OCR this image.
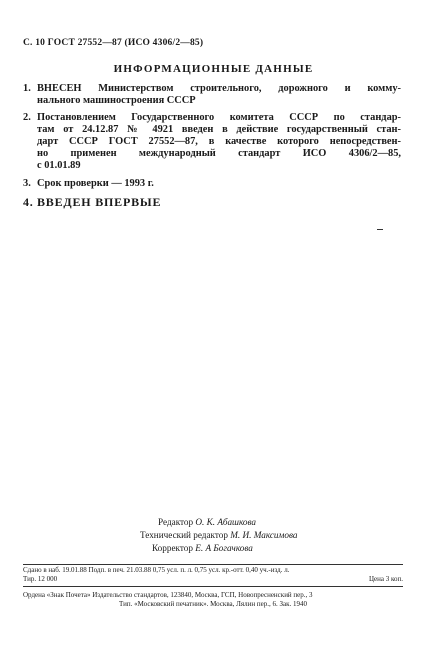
С. 10 ГОСТ 27552—87 (ИСО 4306/2—85)
ИНФОРМАЦИОННЫЕ ДАННЫЕ
1. ВНЕСЕН Министерством строительного, дорожного и комму-
нального машиностроения СССР
2. Постановлением Государственного комитета СССР по стандар-
там от 24.12.87 № 4921 введен в действие государственный стан-
дарт СССР ГОСТ 27552—87, в качестве которого непосредствен-
но применен международный стандарт ИСО 4306/2—85,
с 01.01.89
3. Срок проверки — 1993 г.
4. ВВЕДЕН ВПЕРВЫЕ
Редактор О. К. Абашкова
Технический редактор М. И. Максимова
Корректор Е. А Богачкова
Сдано в наб. 19.01.88 Подп. в печ. 21.03.88 0,75 усл. п. л. 0,75 усл. кр.-отт. 0,40 уч.-изд. л.
Тир. 12 000	Цена 3 коп.
Ордена «Знак Почета» Издательство стандартов, 123840, Москва, ГСП, Новопресненский пер., 3
Тип. «Московский печатник». Москва, Лялин пер., 6. Зак. 1940
